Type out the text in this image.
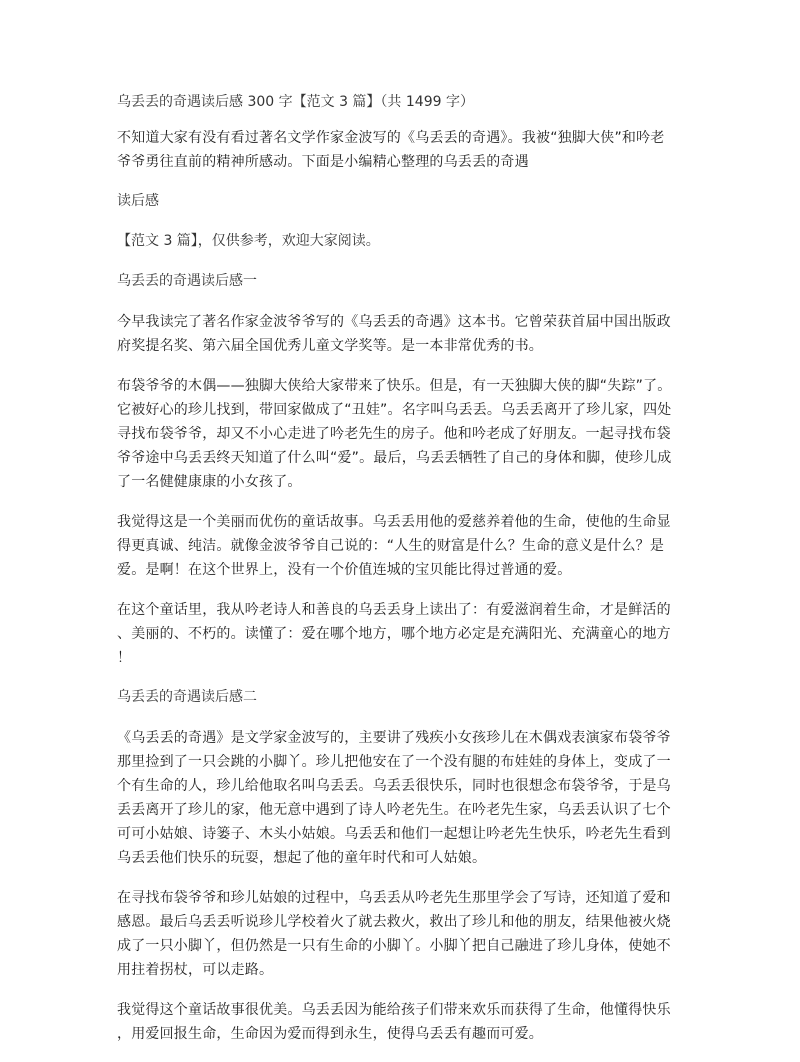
乌丢丢的奇遇读后感 300 字【范文 3 篇】（共 1499 字）
不知道大家有没有看过著名文学作家金波写的《乌丢丢的奇遇》。我被“独脚大侠”和吟老
爷爷勇往直前的精神所感动。下面是小编精心整理的乌丢丢的奇遇
读后感
【范文 3 篇】，仅供参考，欢迎大家阅读。
乌丢丢的奇遇读后感一
今早我读完了著名作家金波爷爷写的《乌丢丢的奇遇》这本书。它曾荣获首届中国出版政
府奖提名奖、第六届全国优秀儿童文学奖等。是一本非常优秀的书。
布袋爷爷的木偶——独脚大侠给大家带来了快乐。但是，有一天独脚大侠的脚“失踪”了。
它被好心的珍儿找到，带回家做成了“丑娃”。名字叫乌丢丢。乌丢丢离开了珍儿家，四处
寻找布袋爷爷，却又不小心走进了吟老先生的房子。他和吟老成了好朋友。一起寻找布袋
爷爷途中乌丢丢终天知道了什么叫“爱”。最后，乌丢丢牺牲了自己的身体和脚，使珍儿成
了一名健健康康的小女孩了。
我觉得这是一个美丽而优伤的童话故事。乌丢丢用他的爱慈养着他的生命，使他的生命显
得更真诚、纯洁。就像金波爷爷自己说的：“人生的财富是什么？生命的意义是什么？是
爱。是啊！在这个世界上，没有一个价值连城的宝贝能比得过普通的爱。
在这个童话里，我从吟老诗人和善良的乌丢丢身上读出了：有爱滋润着生命，才是鲜活的
、美丽的、不朽的。读懂了：爱在哪个地方，哪个地方必定是充满阳光、充满童心的地方
！
乌丢丢的奇遇读后感二
《乌丢丢的奇遇》是文学家金波写的，主要讲了残疾小女孩珍儿在木偶戏表演家布袋爷爷
那里捡到了一只会跳的小脚丫。珍儿把他安在了一个没有腿的布娃娃的身体上，变成了一
个有生命的人，珍儿给他取名叫乌丢丢。乌丢丢很快乐，同时也很想念布袋爷爷，于是乌
丢丢离开了珍儿的家，他无意中遇到了诗人吟老先生。在吟老先生家，乌丢丢认识了七个
可可小姑娘、诗篓子、木头小姑娘。乌丢丢和他们一起想让吟老先生快乐，吟老先生看到
乌丢丢他们快乐的玩耍，想起了他的童年时代和可人姑娘。
在寻找布袋爷爷和珍儿姑娘的过程中，乌丢丢从吟老先生那里学会了写诗，还知道了爱和
感恩。最后乌丢丢听说珍儿学校着火了就去救火，救出了珍儿和他的朋友，结果他被火烧
成了一只小脚丫，但仍然是一只有生命的小脚丫。小脚丫把自己融进了珍儿身体，使她不
用拄着拐杖，可以走路。
我觉得这个童话故事很优美。乌丢丢因为能给孩子们带来欢乐而获得了生命，他懂得快乐
，用爱回报生命，生命因为爱而得到永生，使得乌丢丢有趣而可爱。
